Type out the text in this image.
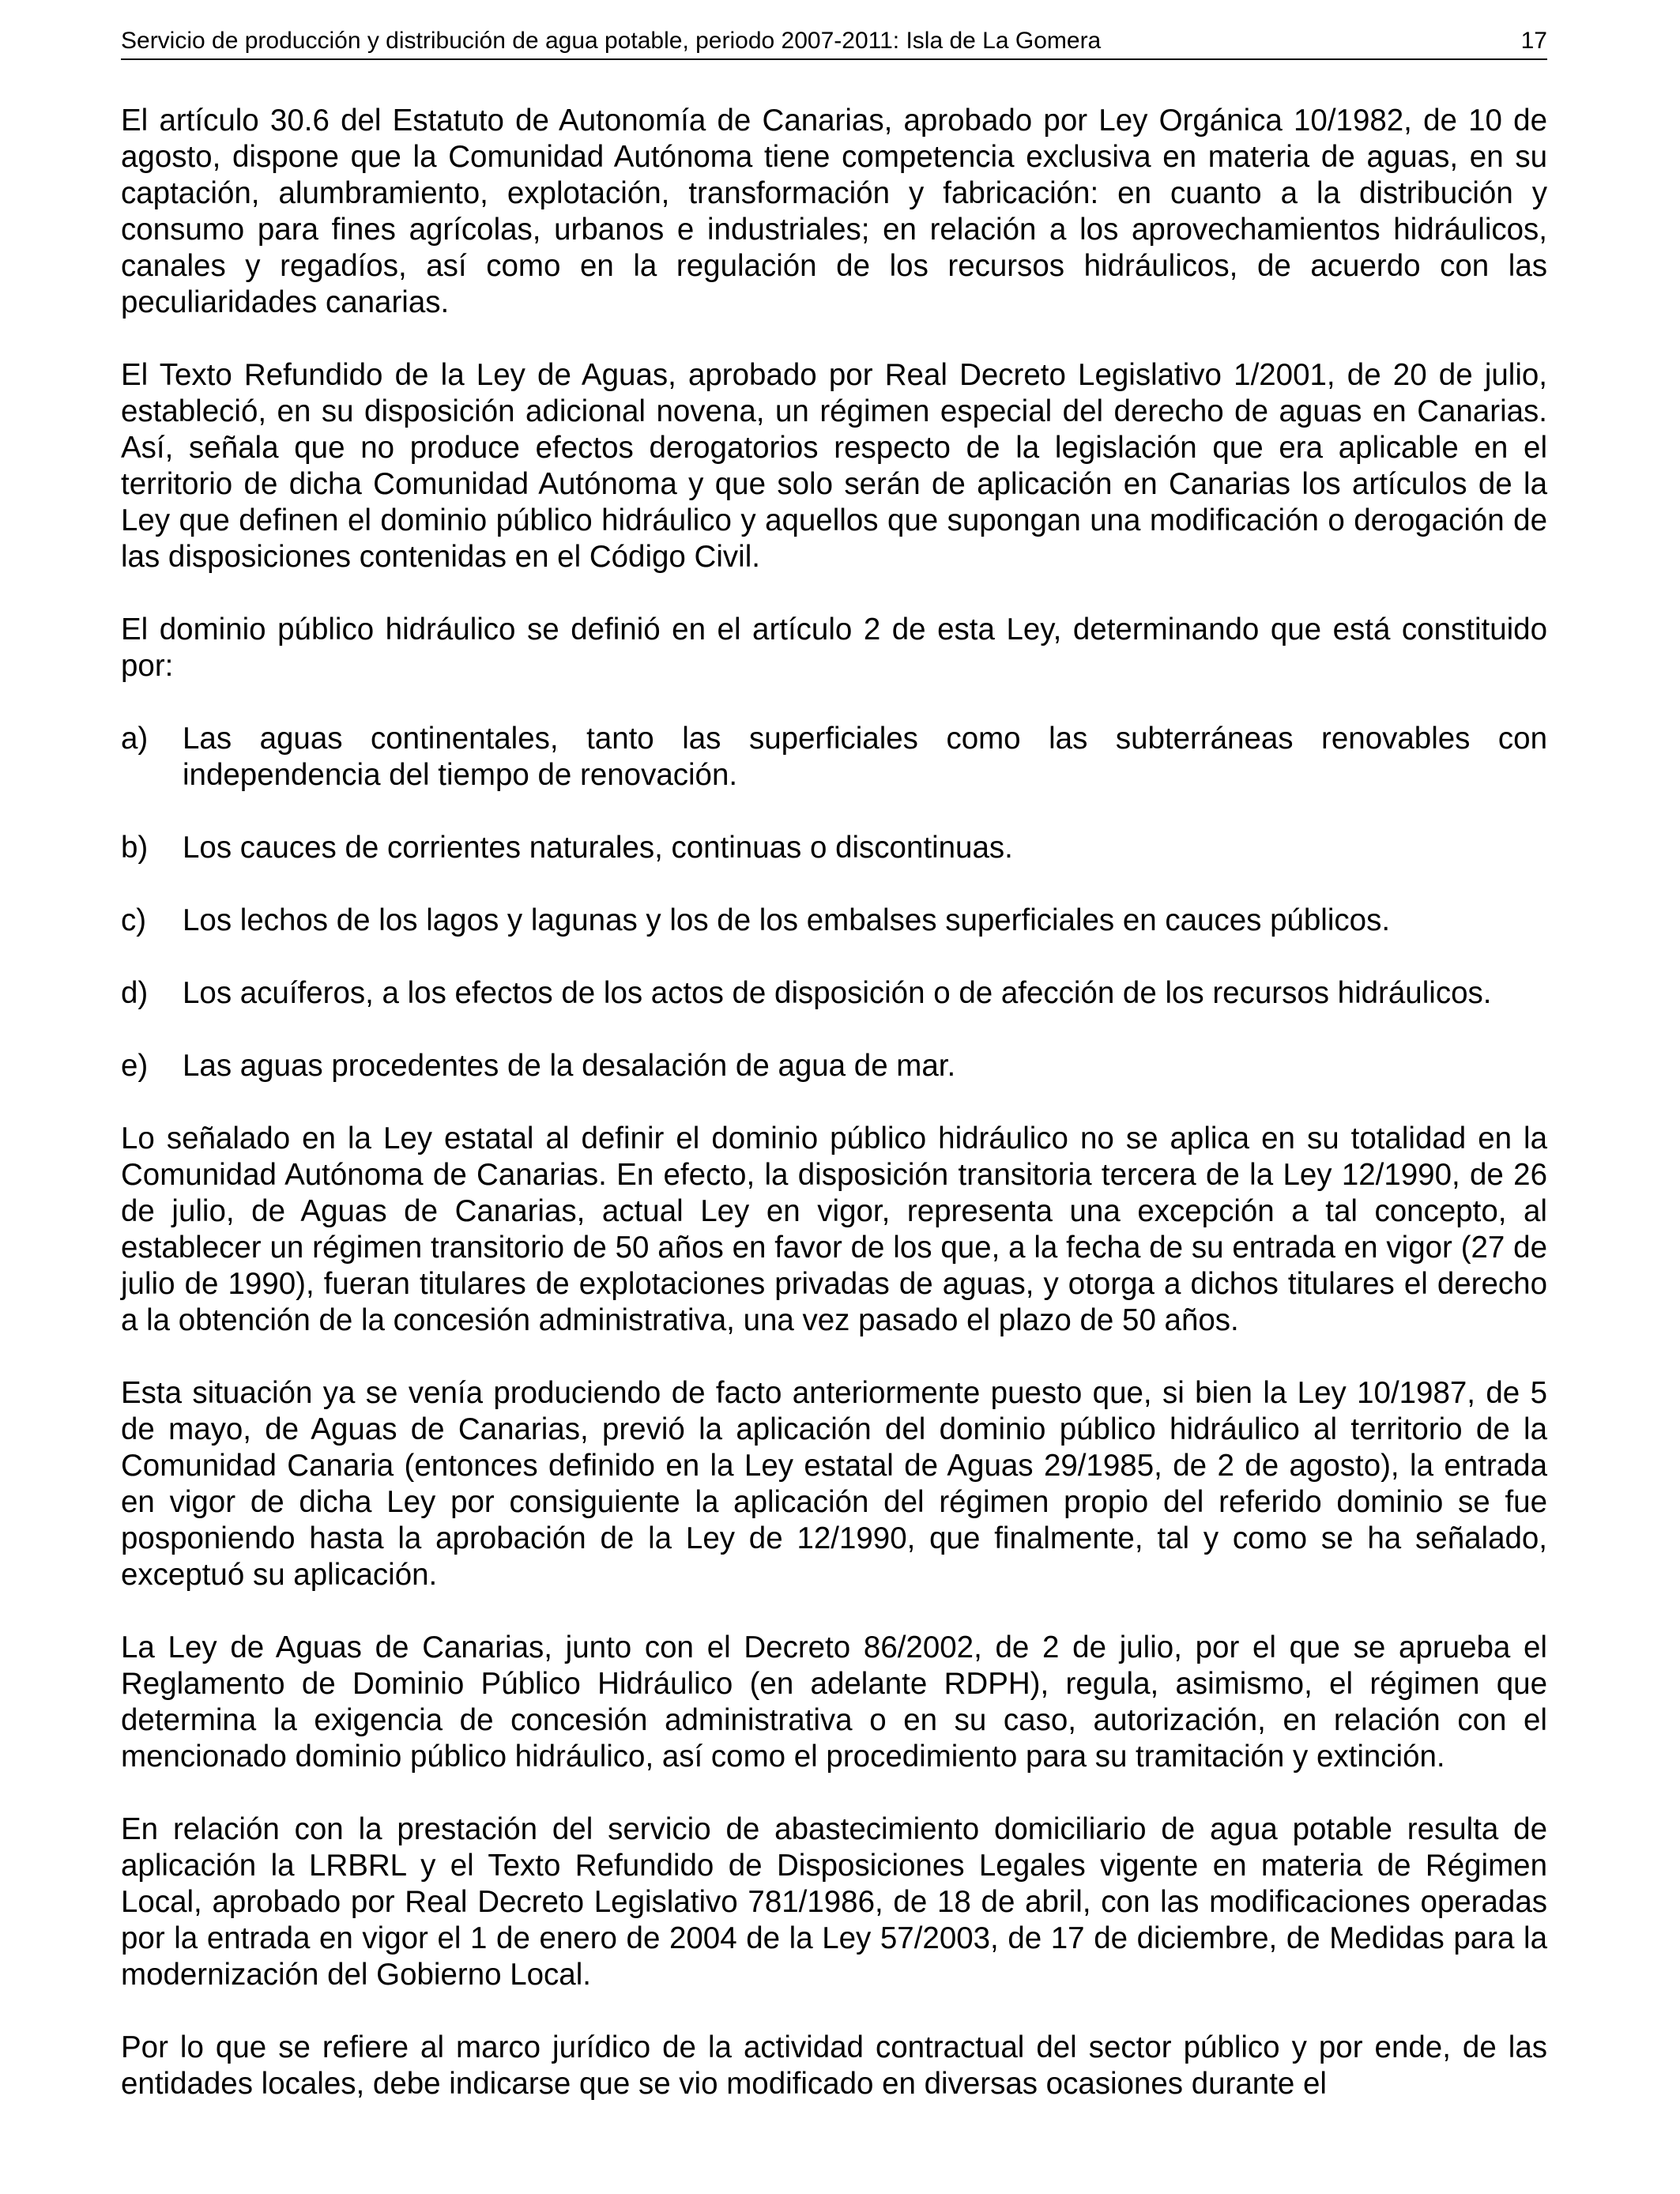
Servicio de producción y distribución de agua potable, periodo 2007-2011: Isla de La Gomera	17

El artículo 30.6 del Estatuto de Autonomía de Canarias, aprobado por Ley Orgánica 10/1982, de 10 de agosto, dispone que la Comunidad Autónoma tiene competencia exclusiva en materia de aguas, en su captación, alumbramiento, explotación, transformación y fabricación: en cuanto a la distribución y consumo para fines agrícolas, urbanos e industriales; en relación a los aprovechamientos hidráulicos, canales y regadíos, así como en la regulación de los recursos hidráulicos, de acuerdo con las peculiaridades canarias.

El Texto Refundido de la Ley de Aguas, aprobado por Real Decreto Legislativo 1/2001, de 20 de julio, estableció, en su disposición adicional novena, un régimen especial del derecho de aguas en Canarias. Así, señala que no produce efectos derogatorios respecto de la legislación que era aplicable en el territorio de dicha Comunidad Autónoma y que solo serán de aplicación en Canarias los artículos de la Ley que definen el dominio público hidráulico y aquellos que supongan una modificación o derogación de las disposiciones contenidas en el Código Civil.

El dominio público hidráulico se definió en el artículo 2 de esta Ley, determinando que está constituido por:

a) Las aguas continentales, tanto las superficiales como las subterráneas renovables con independencia del tiempo de renovación.
b) Los cauces de corrientes naturales, continuas o discontinuas.
c) Los lechos de los lagos y lagunas y los de los embalses superficiales en cauces públicos.
d) Los acuíferos, a los efectos de los actos de disposición o de afección de los recursos hidráulicos.
e) Las aguas procedentes de la desalación de agua de mar.

Lo señalado en la Ley estatal al definir el dominio público hidráulico no se aplica en su totalidad en la Comunidad Autónoma de Canarias. En efecto, la disposición transitoria tercera de la Ley 12/1990, de 26 de julio, de Aguas de Canarias, actual Ley en vigor, representa una excepción a tal concepto, al establecer un régimen transitorio de 50 años en favor de los que, a la fecha de su entrada en vigor (27 de julio de 1990), fueran titulares de explotaciones privadas de aguas, y otorga a dichos titulares el derecho a la obtención de la concesión administrativa, una vez pasado el plazo de 50 años.

Esta situación ya se venía produciendo de facto anteriormente puesto que, si bien la Ley 10/1987, de 5 de mayo, de Aguas de Canarias, previó la aplicación del dominio público hidráulico al territorio de la Comunidad Canaria (entonces definido en la Ley estatal de Aguas 29/1985, de 2 de agosto), la entrada en vigor de dicha Ley por consiguiente la aplicación del régimen propio del referido dominio se fue posponiendo hasta la aprobación de la Ley de 12/1990, que finalmente, tal y como se ha señalado, exceptuó su aplicación.

La Ley de Aguas de Canarias, junto con el Decreto 86/2002, de 2 de julio, por el que se aprueba el Reglamento de Dominio Público Hidráulico (en adelante RDPH), regula, asimismo, el régimen que determina la exigencia de concesión administrativa o en su caso, autorización, en relación con el mencionado dominio público hidráulico, así como el procedimiento para su tramitación y extinción.

En relación con la prestación del servicio de abastecimiento domiciliario de agua potable resulta de aplicación la LRBRL y el Texto Refundido de Disposiciones Legales vigente en materia de Régimen Local, aprobado por Real Decreto Legislativo 781/1986, de 18 de abril, con las modificaciones operadas por la entrada en vigor el 1 de enero de 2004 de la Ley 57/2003, de 17 de diciembre, de Medidas para la modernización del Gobierno Local.

Por lo que se refiere al marco jurídico de la actividad contractual del sector público y por ende, de las entidades locales, debe indicarse que se vio modificado en diversas ocasiones durante el
